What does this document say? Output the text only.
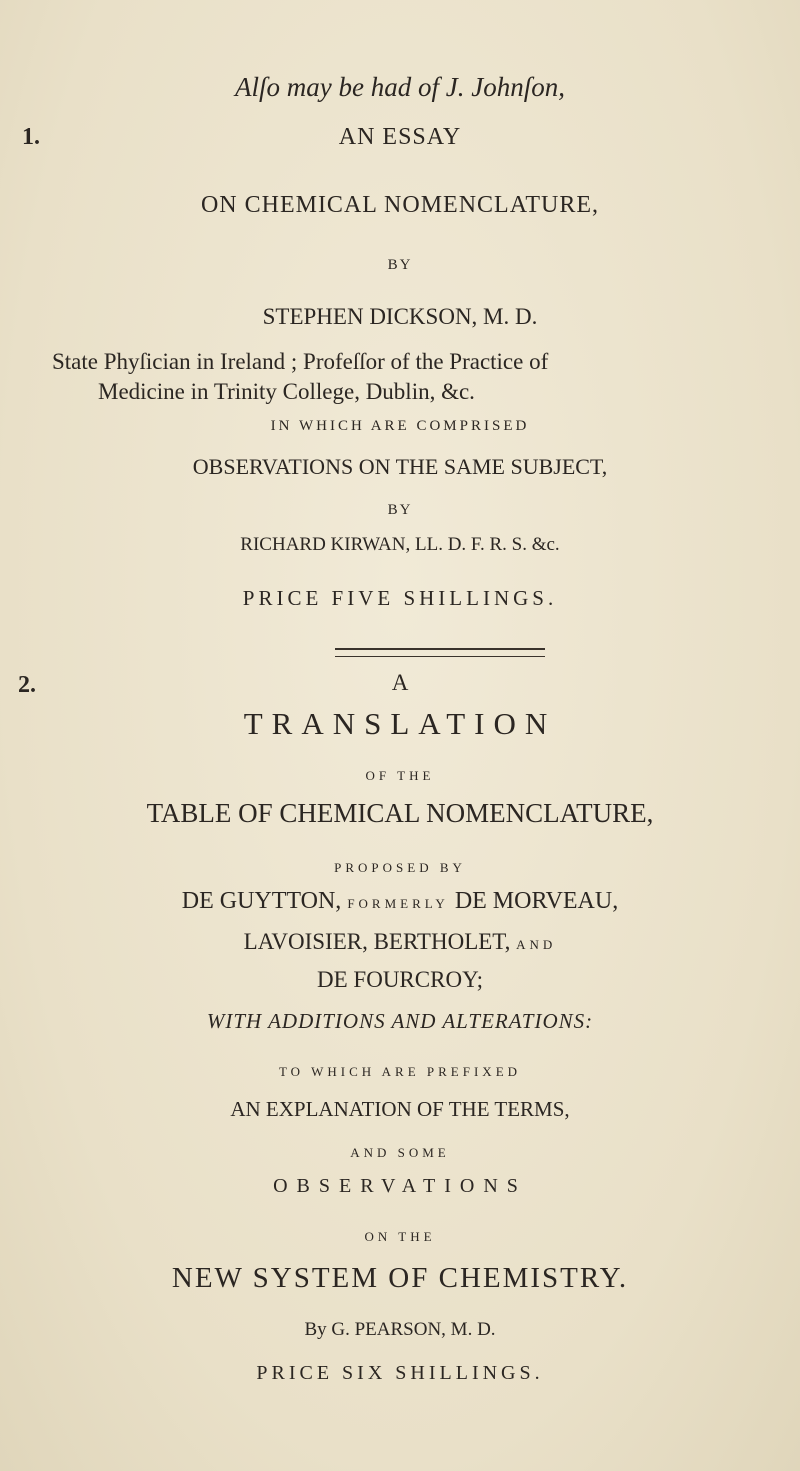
Alſo may be had of J. Johnſon,
1.	AN ESSAY
ON CHEMICAL NOMENCLATURE,
BY
STEPHEN DICKSON, M. D.
State Phyſician in Ireland ; Profeſſor of the Practice of
Medicine in Trinity College, Dublin, &c.
IN WHICH ARE COMPRISED
OBSERVATIONS ON THE SAME SUBJECT,
BY
RICHARD KIRWAN, LL. D. F. R. S. &c.
PRICE FIVE SHILLINGS.
2.	A
TRANSLATION
OF THE
TABLE OF CHEMICAL NOMENCLATURE,
PROPOSED BY
DE GUYTTON, FORMERLY DE MORVEAU,
LAVOISIER, BERTHOLET, AND
DE FOURCROY;
WITH ADDITIONS AND ALTERATIONS:
TO WHICH ARE PREFIXED
AN EXPLANATION OF THE TERMS,
AND SOME
OBSERVATIONS
ON THE
NEW SYSTEM OF CHEMISTRY.
By G. PEARSON, M. D.
PRICE SIX SHILLINGS.
